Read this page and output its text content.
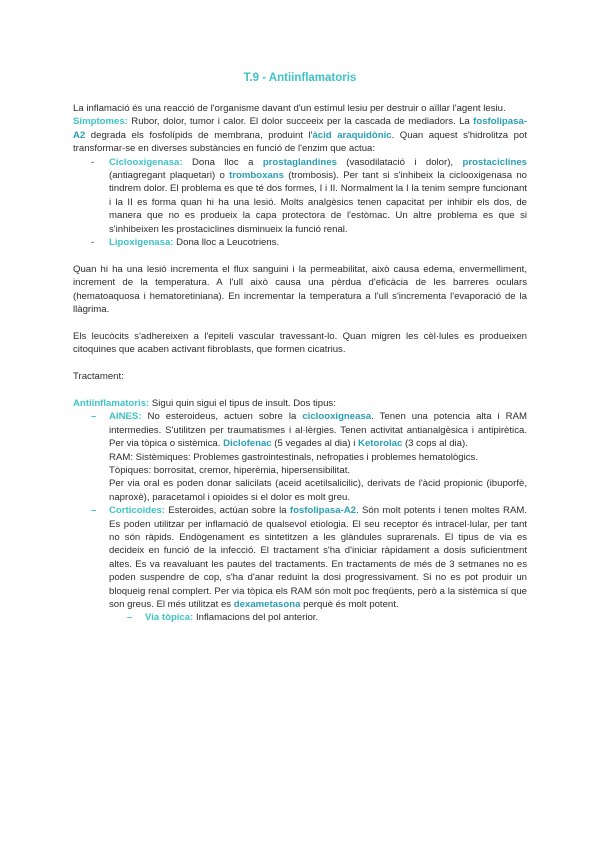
T.9 - Antiinflamatoris

La inflamació és una reacció de l'organisme davant d'un estímul lesiu per destruir o aïllar l'agent lesiu.

Símptomes: Rubor, dolor, tumor i calor. El dolor succeeix per la cascada de mediadors. La fosfolipasa-A2 degrada els fosfolípids de membrana, produint l'àcid araquidònic. Quan aquest s'hidrolitza pot transformar-se en diverses substàncies en funció de l'enzim que actua:

- Ciclooxigenasa: Dona lloc a prostaglandines (vasodilatació i dolor), prostaciclines (antiagregant plaquetari) o tromboxans (trombosis). Per tant si s'inhibeix la ciclooxigenasa no tindrem dolor. El problema es que té dos formes, I i II. Normalment la I la tenim sempre funcionant i la II es forma quan hi ha una lesió. Molts analgèsics tenen capacitat per inhibir els dos, de manera que no es produeix la capa protectora de l'estòmac. Un altre problema es que si s'inhibeixen les prostaciclines disminueix la funció renal.
- Lipoxigenasa: Dona lloc a Leucotriens.

Quan hi ha una lesió incrementa el flux sanguini i la permeabilitat, això causa edema, envermelliment, increment de la temperatura. A l'ull això causa una pèrdua d'eficàcia de les barreres oculars (hematoaquosa i hematoretiniana). En incrementar la temperatura a l'ull s'incrementa l'evaporació de la llàgrima.

Els leucòcits s'adhereixen a l'epiteli vascular travessant-lo. Quan migren les cèl·lules es produeixen citoquines que acaben activant fibroblasts, que formen cicatrius.

Tractament:

Antiinflamatoris: Sigui quin sigui el tipus de insult. Dos tipus:

– AINES: No esteroideus, actuen sobre la ciclooxigneasa. Tenen una potencia alta i RAM intermedies. S'utilitzen per traumatismes i al·lèrgies. Tenen activitat antianalgèsica i antipirètica. Per via tòpica o sistèmica. Diclofenac (5 vegades al dia) i Ketorolac (3 cops al dia).
RAM: Sistèmiques: Problemes gastrointestinals, nefropaties i problemes hematològics.
Tòpiques: borrositat, cremor, hiperèmia, hipersensibilitat.
Per via oral es poden donar salicilats (aceid acetilsalicilic), derivats de l'àcid propionic (ibuporfè, naproxè), paracetamol i opioides si el dolor es molt greu.
– Corticoides: Esteroides, actúan sobre la fosfolipasa-A2. Són molt potents i tenen moltes RAM. Es poden utilitzar per inflamació de qualsevol etiologia. El seu receptor és intracel·lular, per tant no són ràpids. Endògenament es sintetitzen a les glàndules suprarenals. El tipus de via es decideix en funció de la infecció. El tractament s'ha d'iniciar ràpidament a dosis suficientment altes. Es va reavaluant les pautes del tractaments. En tractaments de més de 3 setmanes no es poden suspendre de cop, s'ha d'anar reduint la dosi progressivament. Si no es pot produir un bloqueig renal complert. Per via tòpica els RAM són molt poc freqüents, però a la sistèmica sí que son greus. El més utilitzat es dexametasona perquè és molt potent.
– Via tòpica: Inflamacions del pol anterior.
